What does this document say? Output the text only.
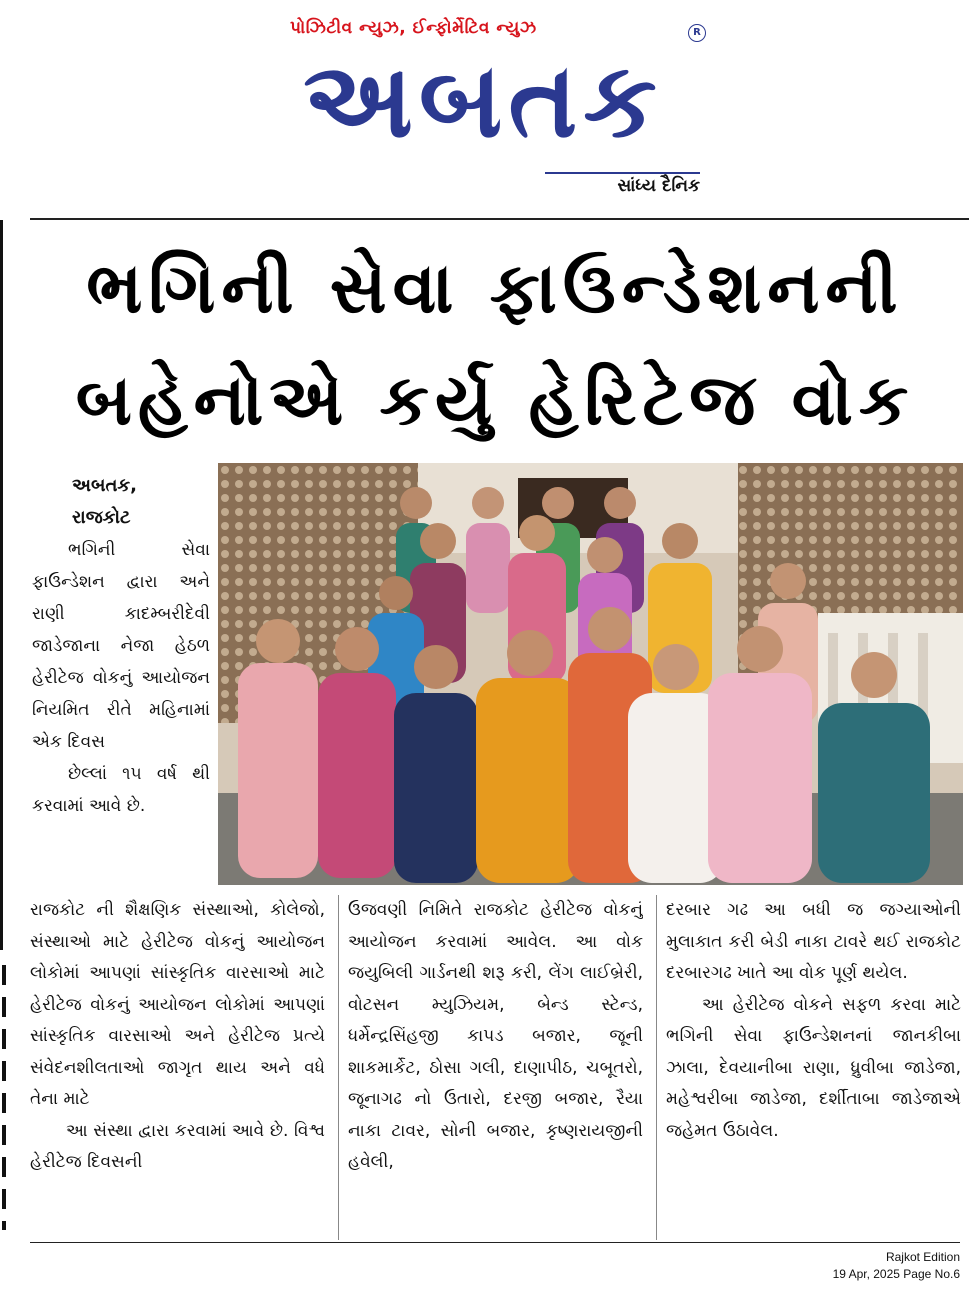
પોઝિટીવ ન્યુઝ, ઈન્ફોર્મેટિવ ન્યુઝ	R
અબતક
સાંધ્ય દૈનિક
ભગિની સેવા ફાઉન્ડેશનની
બહેનોએ કર્યુ હેરિટેજ વોક
અબતક,
રાજકોટ

ભગિની સેવા ફાઉન્ડેશન દ્વારા અને રાણી કાદમ્બરીદેવી જાડેજાના નેજા હેઠળ હેરીટેજ વોકનું આયોજન નિયમિત રીતે મહિનામાં એક દિવસ

છેલ્લાં ૧૫ વર્ષ થી કરવામાં આવે છે.

રાજકોટ ની શૈક્ષણિક સંસ્થાઓ, કોલેજો, સંસ્થાઓ માટે હેરીટેજ વોકનું આયોજન લોકોમાં આપણાં સાંસ્કૃતિક વારસાઓ માટે હેરીટેજ વોકનું આયોજન લોકોમાં આપણાં સાંસ્કૃતિક વારસાઓ અને હેરીટેજ પ્રત્યે સંવેદનશીલતાઓ જાગૃત થાય અને વધે તેના માટે

આ સંસ્થા દ્વારા કરવામાં આવે છે. વિશ્વ હેરીટેજ દિવસની

ઉજવણી નિમિતે રાજકોટ હેરીટેજ વોકનું આયોજન કરવામાં આવેલ. આ વોક જયુબિલી ગાર્ડનથી શરૂ કરી, લેંગ લાઈબ્રેરી, વોટસન મ્યુઝિયમ, બેન્ડ સ્ટેન્ડ, ધર્મેન્દ્રસિંહજી કાપડ બજાર, જૂની શાકમાર્કેટ, ઠોસા ગલી, દાણાપીઠ, ચબૂતરો, જૂનાગઢ નો ઉતારો, દરજી બજાર, રૈયા નાકા ટાવર, સોની બજાર, કૃષ્ણરાયજીની હવેલી,

દરબાર ગઢ આ બધી જ જગ્યાઓની મુલાકાત કરી બેડી નાકા ટાવરે થઈ રાજકોટ દરબારગઢ ખાતે આ વોક પૂર્ણ થયેલ.

આ હેરીટેજ વોકને સફળ કરવા માટે ભગિની સેવા ફાઉન્ડેશનનાં જાનકીબા ઝાલા, દેવયાનીબા રાણા, ધ્રુવીબા જાડેજા, મહેશ્વરીબા જાડેજા, દર્શીતાબા જાડેજાએ જહેમત ઉઠાવેલ.

Rajkot Edition
19 Apr, 2025 Page No.6
